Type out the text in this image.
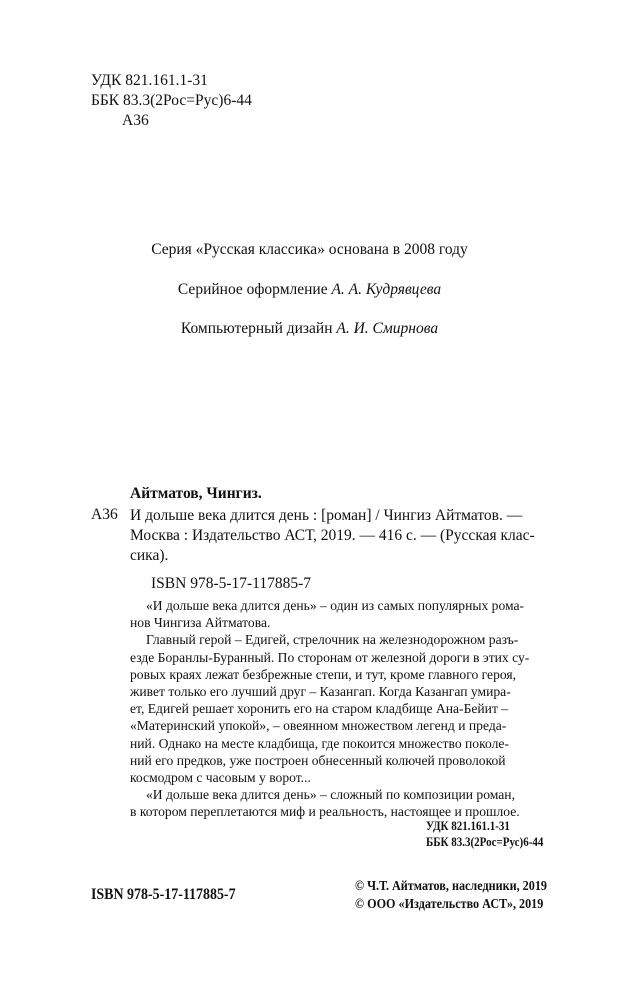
УДК 821.161.1-31
ББК 83.3(2Рос=Рус)6-44
А36
Серия «Русская классика» основана в 2008 году
Серийное оформление А. А. Кудрявцева
Компьютерный дизайн А. И. Смирнова
Айтматов, Чингиз.
А36 И дольше века длится день : [роман] / Чингиз Айтматов. —
Москва : Издательство АСТ, 2019. — 416 с. — (Русская клас-
сика).
ISBN 978-5-17-117885-7
«И дольше века длится день» – один из самых популярных рома-
нов Чингиза Айтматова.
Главный герой – Едигей, стрелочник на железнодорожном разъ-
езде Боранлы-Буранный. По сторонам от железной дороги в этих су-
ровых краях лежат безбрежные степи, и тут, кроме главного героя,
живет только его лучший друг – Казангап. Когда Казангап умира-
ет, Едигей решает хоронить его на старом кладбище Ана-Бейит –
«Материнский упокой», – овеянном множеством легенд и преда-
ний. Однако на месте кладбища, где покоится множество поколе-
ний его предков, уже построен обнесенный колючей проволокой
космодром с часовым у ворот...
«И дольше века длится день» – сложный по композиции роман,
в котором переплетаются миф и реальность, настоящее и прошлое.
УДК 821.161.1-31
ББК 83.3(2Рос=Рус)6-44
ISBN 978-5-17-117885-7
© Ч.Т. Айтматов, наследники, 2019
© ООО «Издательство АСТ», 2019
